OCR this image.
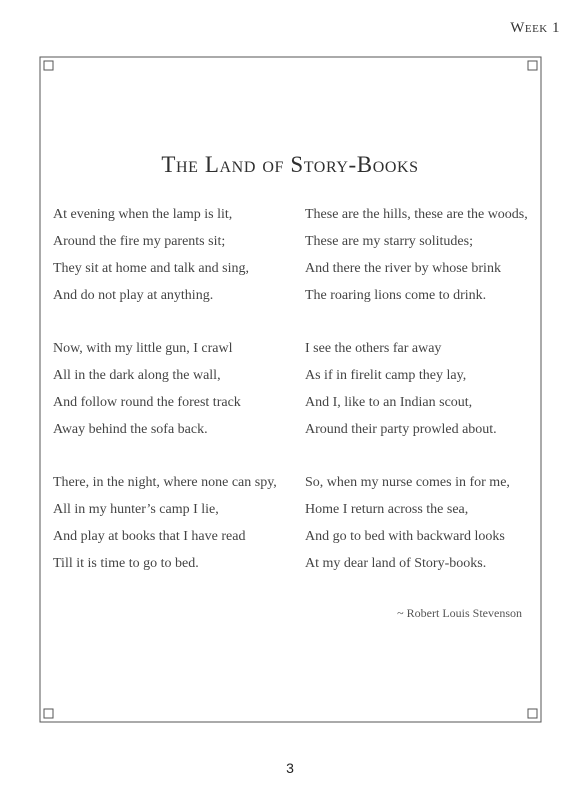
Week 1
The Land of Story-Books
At evening when the lamp is lit,
Around the fire my parents sit;
They sit at home and talk and sing,
And do not play at anything.
Now, with my little gun, I crawl
All in the dark along the wall,
And follow round the forest track
Away behind the sofa back.
There, in the night, where none can spy,
All in my hunter’s camp I lie,
And play at books that I have read
Till it is time to go to bed.
These are the hills, these are the woods,
These are my starry solitudes;
And there the river by whose brink
The roaring lions come to drink.
I see the others far away
As if in firelit camp they lay,
And I, like to an Indian scout,
Around their party prowled about.
So, when my nurse comes in for me,
Home I return across the sea,
And go to bed with backward looks
At my dear land of Story-books.
~ Robert Louis Stevenson
3
